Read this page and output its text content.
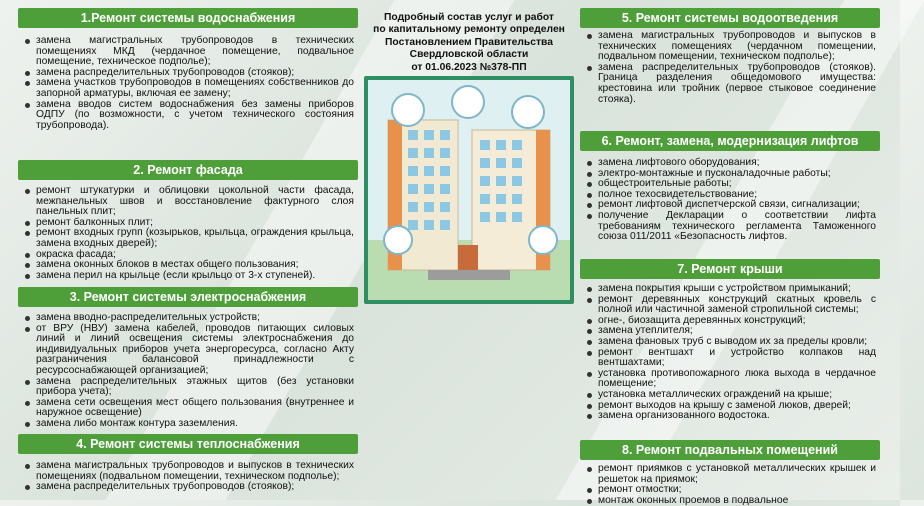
1.Ремонт системы водоснабжения
замена магистральных трубопроводов в технических помещениях МКД (чердачное помещение, подвальное помещение, техническое подполье);
замена распределительных трубопроводов (стояков);
замена участков трубопроводов в помещениях собственников до запорной арматуры, включая ее замену;
замена вводов систем водоснабжения без замены приборов ОДПУ (по возможности, с учетом технического состояния трубопровода).
2. Ремонт фасада
ремонт штукатурки и облицовки цокольной части фасада, межпанельных швов и восстановление фактурного слоя панельных плит;
ремонт балконных плит;
ремонт входных групп (козырьков, крыльца, ограждения крыльца, замена входных дверей);
окраска фасада;
замена оконных блоков в местах общего пользования;
замена перил на крыльце (если крыльцо от 3-х ступеней).
3. Ремонт системы электроснабжения
замена вводно-распределительных устройств;
от ВРУ (НВУ) замена кабелей, проводов питающих силовых линий и линий освещения системы электроснабжения до индивидуальных приборов учета энергоресурса, согласно Акту разграничения балансовой принадлежности с ресурсоснабжающей организацией;
замена распределительных этажных щитов (без установки прибора учета);
замена сети освещения мест общего пользования (внутреннее и наружное освещение)
замена либо монтаж контура заземления.
4. Ремонт системы теплоснабжения
замена магистральных трубопроводов и выпусков в технических помещениях (подвальном помещении, техническом подполье);
замена распределительных трубопроводов (стояков);
Подробный состав услуг и работ
по капитальному ремонту определен
Постановлением Правительства
Свердловской области
от 01.06.2023 №378-ПП
5. Ремонт системы водоотведения
замена магистральных трубопроводов и выпусков в технических помещениях (чердачном помещении, подвальном помещении, техническом подполье);
замена распределительных трубопроводов (стояков). Граница разделения общедомового имущества: крестовина или тройник (первое стыковое соединение стояка).
6. Ремонт, замена, модернизация лифтов
замена лифтового оборудования;
электро-монтажные и пусконаладочные работы;
общестроительные работы;
полное техосвидетельствование;
ремонт лифтовой диспетчерской связи, сигнализации;
получение Декларации о соответствии лифта требованиям технического регламента Таможенного союза 011/2011 «Безопасность лифтов.
7. Ремонт крыши
замена покрытия крыши с устройством примыканий;
ремонт деревянных конструкций скатных кровель с полной или частичной заменой стропильной системы;
огне-, биозащита деревянных конструкций;
замена утеплителя;
замена фановых труб с выводом их за пределы кровли;
ремонт вентшахт и устройство колпаков над вентшахтами;
установка противопожарного люка выхода в чердачное помещение;
установка металлических ограждений на крыше;
ремонт выходов на крышу с заменой люков, дверей;
замена организованного водостока.
8. Ремонт подвальных помещений
ремонт приямков с установкой металлических крышек и решеток на приямок;
ремонт отмостки;
монтаж оконных проемов в подвальное
